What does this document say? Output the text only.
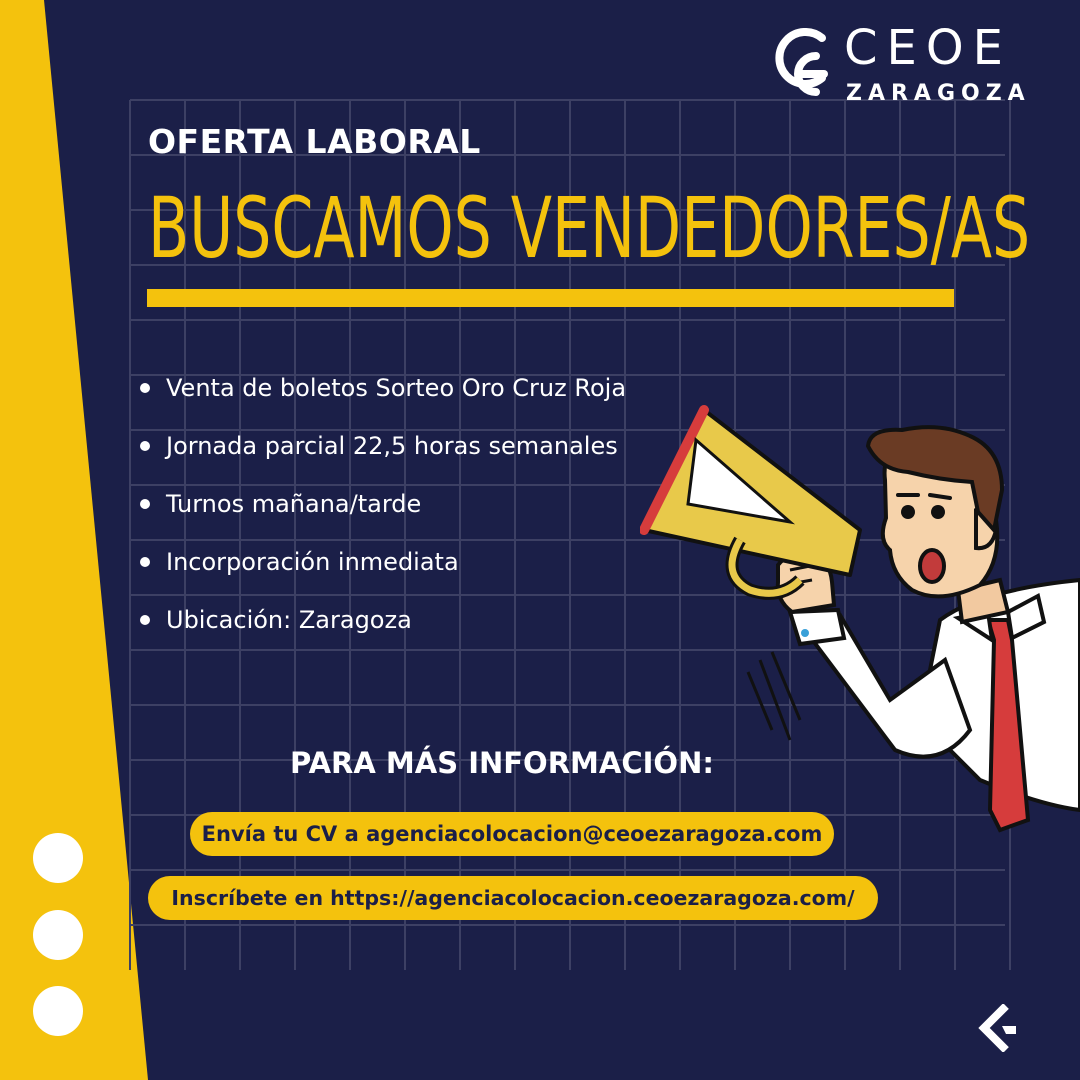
CEOE
ZARAGOZA
OFERTA LABORAL
BUSCAMOS VENDEDORES/AS
Venta de boletos Sorteo Oro Cruz Roja
Jornada parcial 22,5 horas semanales
Turnos mañana/tarde
Incorporación inmediata
Ubicación: Zaragoza
PARA MÁS INFORMACIÓN:
Envía tu CV a agenciacolocacion@ceoezaragoza.com
Inscríbete en https://agenciacolocacion.ceoezaragoza.com/
